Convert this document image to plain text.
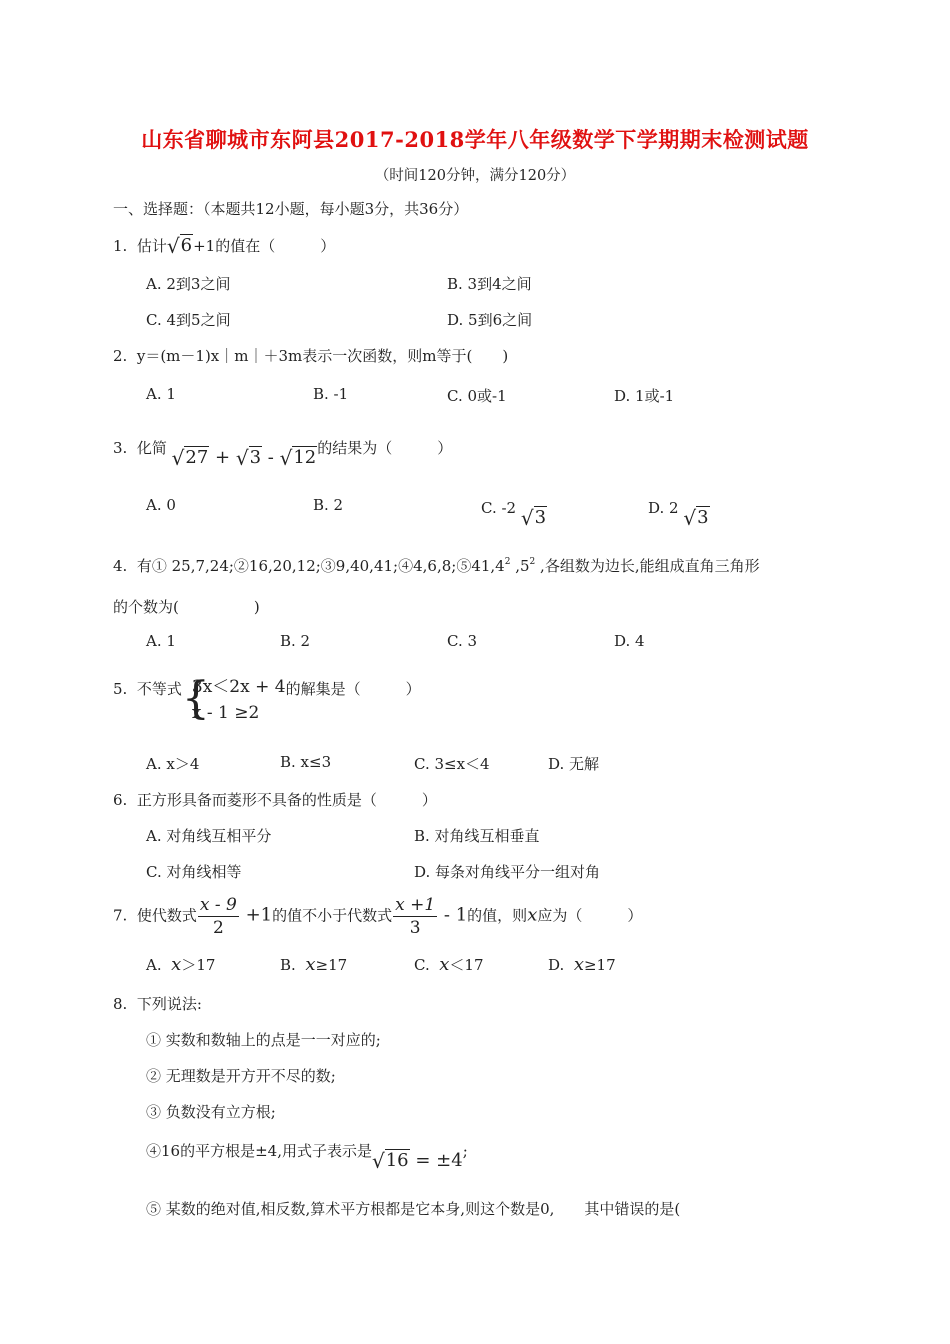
山东省聊城市东阿县2017-2018学年八年级数学下学期期末检测试题
（时间120分钟，满分120分）
一、选择题：（本题共12小题，每小题3分，共36分）
1. 估计√6+1的值在（　　　）
A. 2到3之间	B. 3到4之间
C. 4到5之间	D. 5到6之间
2. y＝(m－1)x｜m｜＋3m表示一次函数，则m等于(　　)
A. 1	B. -1	C. 0或-1	D. 1或-1
3. 化简 √27 + √3 - √12的结果为（　　　）
A. 0	B. 2	C. -2 √3	D. 2 √3
4. 有① 25,7,24;②16,20,12;③9,40,41;④4,6,8;⑤41,4$^2$ $,5^2$ ,各组数为边长,能组成直角三角形
的个数为(　　　　　)
A. 1	B. 2	C. 3	D. 4
5. 不等式 {
3x＜2x + 4
x - 1 ≥2
的解集是（　　　）
A. x＞4	B. x≤3	C. 3≤x＜4	D. 无解
6. 正方形具备而菱形不具备的性质是（　　　）
A. 对角线互相平分	B. 对角线互相垂直
C. 对角线相等	D. 每条对角线平分一组对角
7. 使代数式 $\frac{x - 9}{2} +1$的值不小于代数式 $\frac{x +1}{3} - 1$的值，则x应为（　　　）
A. x＞17	B. x≥17	C. x＜17	D. x≥17
8. 下列说法:
① 实数和数轴上的点是一一对应的;
② 无理数是开方开不尽的数;
③ 负数没有立方根;
④16的平方根是±4,用式子表示是√16 = ±4;
⑤ 某数的绝对值,相反数,算术平方根都是它本身,则这个数是0,　　其中错误的是(
